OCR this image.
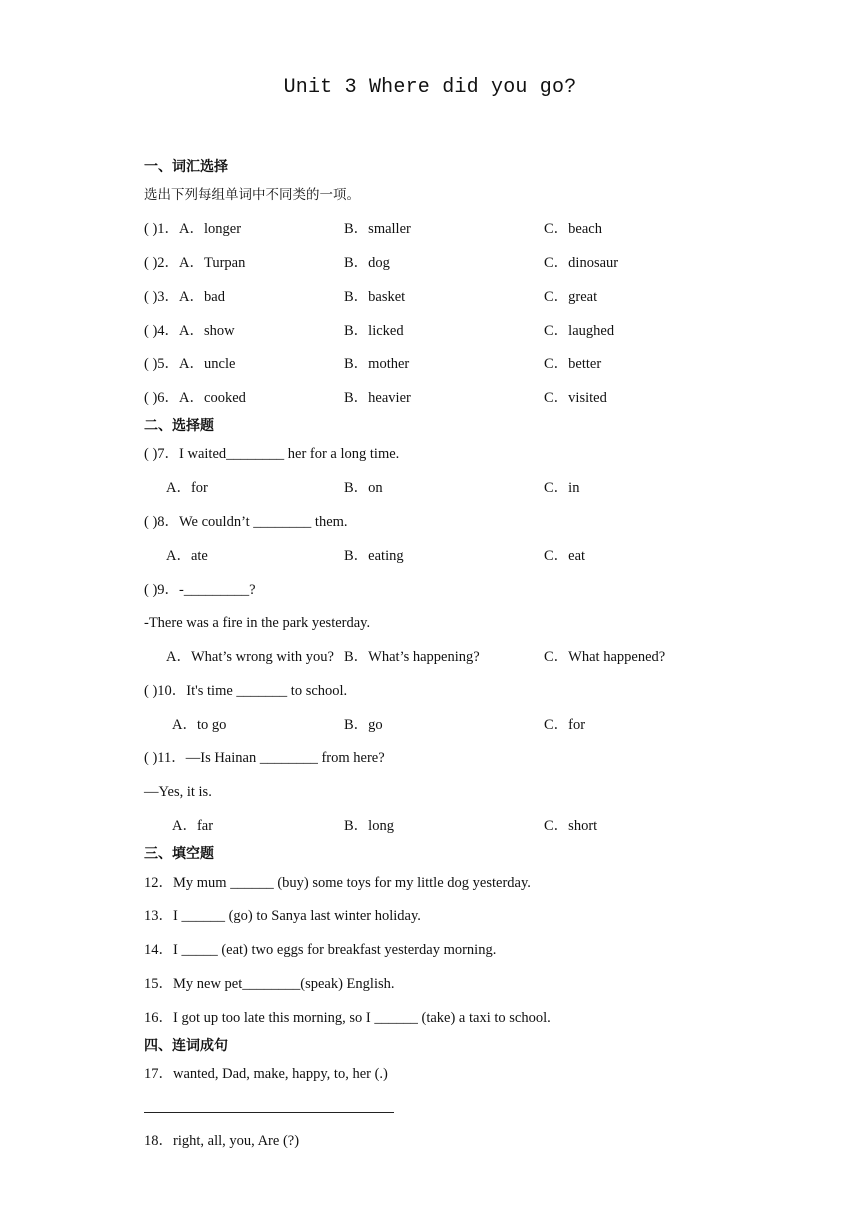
Unit 3 Where did you go?
一、词汇选择
选出下列每组单词中不同类的一项。
( )1．A．longer	B．smaller	C．beach
( )2．A．Turpan	B．dog	C．dinosaur
( )3．A．bad	B．basket	C．great
( )4．A．show	B．licked	C．laughed
( )5．A．uncle	B．mother	C．better
( )6．A．cooked	B．heavier	C．visited
二、选择题
( )7．I waited________ her for a long time.
A．for	B．on	C．in
( )8．We couldn’t ________ them.
A．ate	B．eating	C．eat
( )9．-_________?
-There was a fire in the park yesterday.
A．What’s wrong with you? B．What’s happening?	C．What happened?
( )10．It's time _______ to school.
A．to go	B．go	C．for
( )11．—Is Hainan ________ from here?
—Yes, it is.
A．far	B．long	C．short
三、填空题
12．My mum ______ (buy) some toys for my little dog yesterday.
13．I ______ (go) to Sanya last winter holiday.
14．I _____ (eat) two eggs for breakfast yesterday morning.
15．My new pet________(speak) English.
16．I got up too late this morning, so I ______ (take) a taxi to school.
四、连词成句
17．wanted, Dad, make, happy, to, her (.)
18．right, all, you, Are (?)
